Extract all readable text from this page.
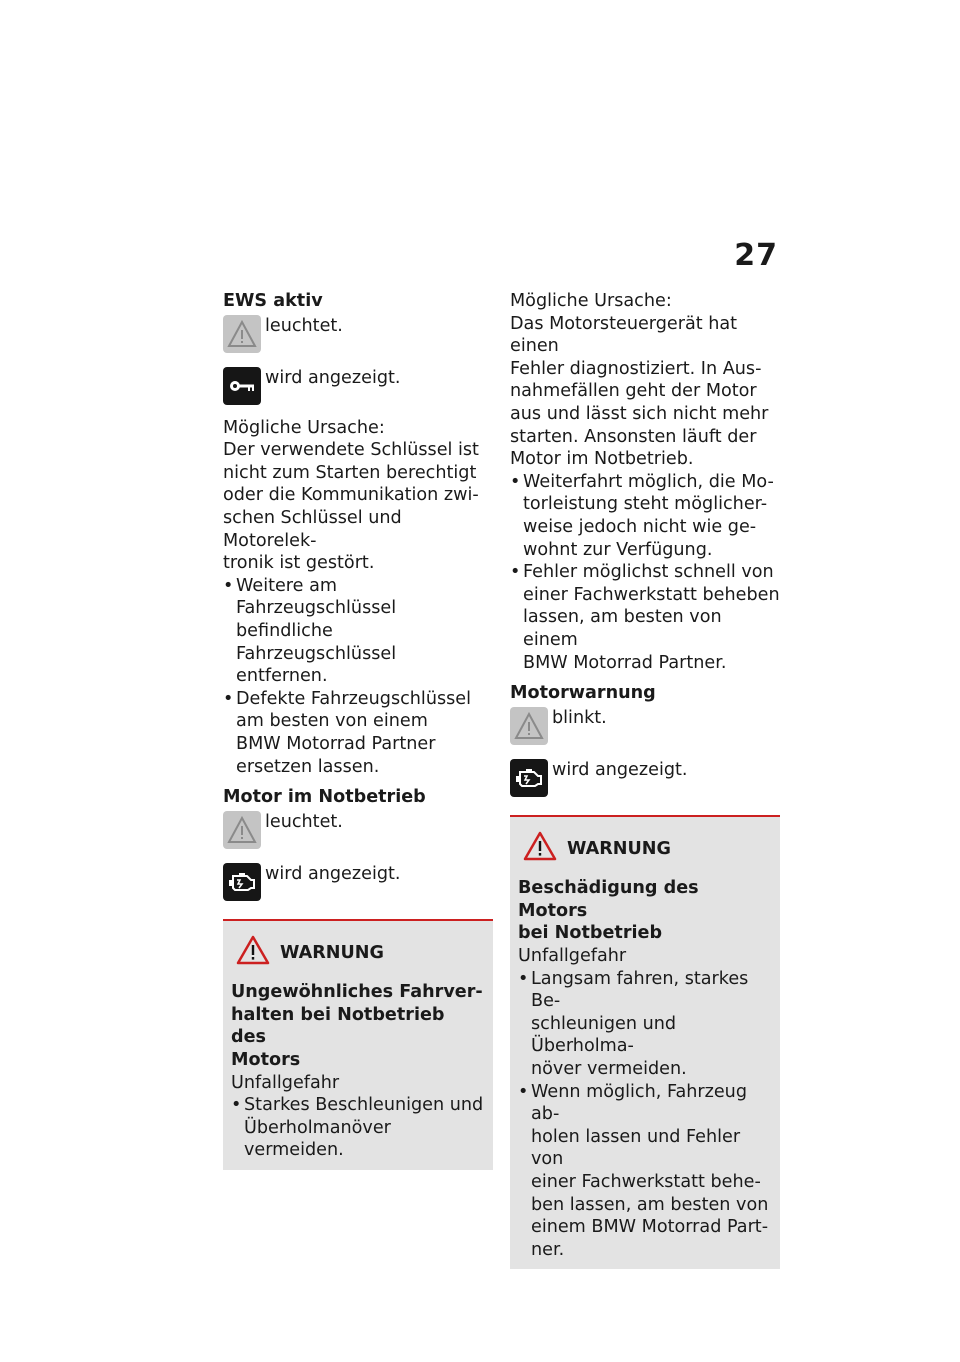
27

EWS aktiv

leuchtet.
wird angezeigt.

Mögliche Ursache:

Der verwendete Schlüssel ist

nicht zum Starten berechtigt

oder die Kommunikation zwi-

schen Schlüssel und Motorelek-

tronik ist gestört.

• Weitere am Fahrzeugschlüssel
befindliche Fahrzeugschlüssel
entfernen.
• Defekte Fahrzeugschlüssel
am besten von einem
BMW Motorrad Partner
ersetzen lassen.

Motor im Notbetrieb

leuchtet.
wird angezeigt.
WARNUNG

Ungewöhnliches Fahrver-

halten bei Notbetrieb des

Motors

Unfallgefahr

• Starkes Beschleunigen und
Überholmanöver vermeiden.

Mögliche Ursache:

Das Motorsteuergerät hat einen

Fehler diagnostiziert. In Aus-

nahmefällen geht der Motor

aus und lässt sich nicht mehr

starten. Ansonsten läuft der

Motor im Notbetrieb.

• Weiterfahrt möglich, die Mo-
torleistung steht möglicher-
weise jedoch nicht wie ge-
wohnt zur Verfügung.
• Fehler möglichst schnell von
einer Fachwerkstatt beheben
lassen, am besten von einem
BMW Motorrad Partner.

Motorwarnung

blinkt.
wird angezeigt.
WARNUNG

Beschädigung des Motors

bei Notbetrieb

Unfallgefahr

• Langsam fahren, starkes Be-
schleunigen und Überholma-
növer vermeiden.
• Wenn möglich, Fahrzeug ab-
holen lassen und Fehler von
einer Fachwerkstatt behe-
ben lassen, am besten von
einem BMW Motorrad Part-
ner.
